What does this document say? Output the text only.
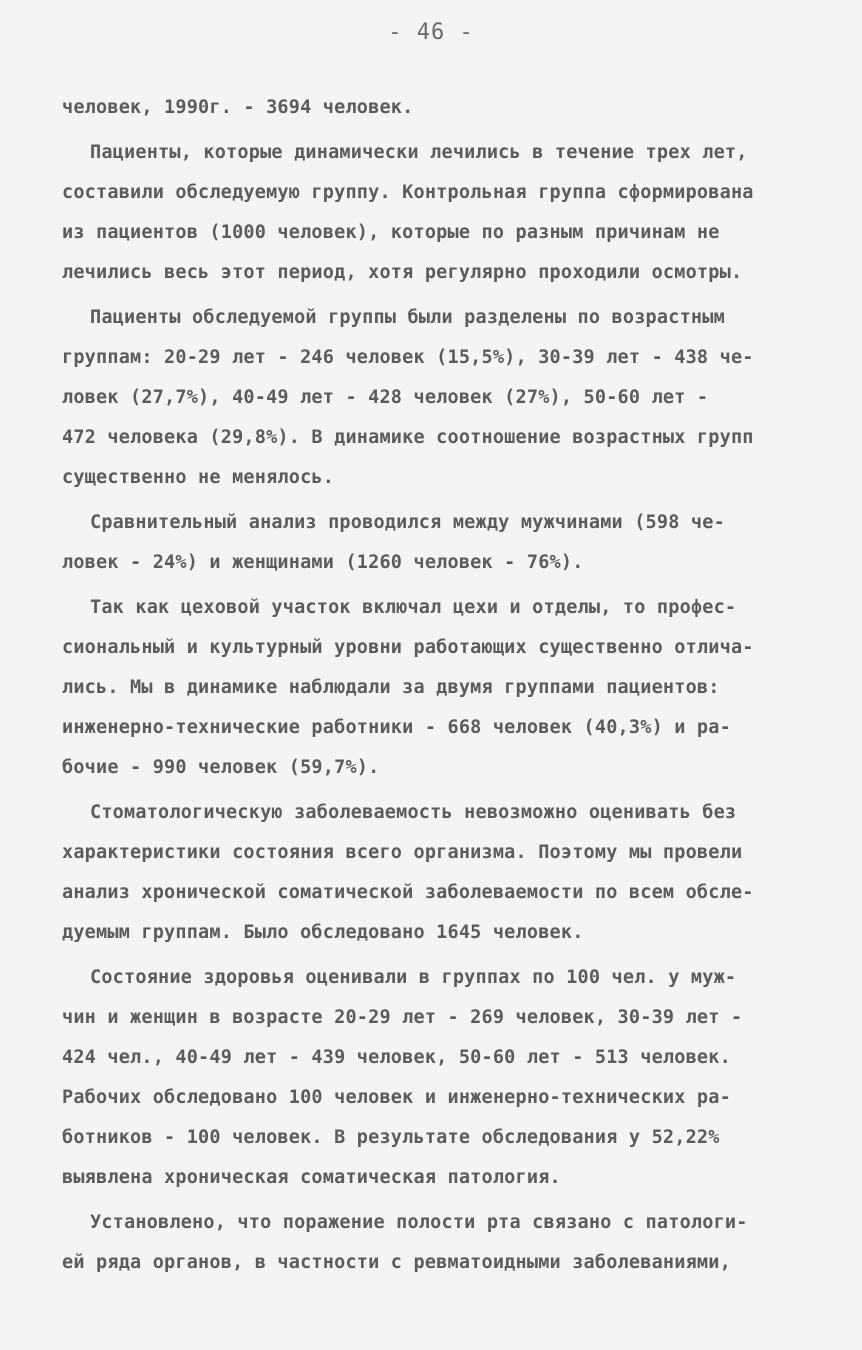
- 46 -
человек, 1990г. - 3694 человек.
Пациенты, которые динамически лечились в течение трех лет,
составили обследуемую группу. Контрольная группа сформирована
из пациентов (1000 человек), которые по разным причинам не
лечились весь этот период, хотя регулярно проходили осмотры.
Пациенты обследуемой группы были разделены по возрастным
группам: 20-29 лет - 246 человек (15,5%), 30-39 лет - 438 че-
ловек (27,7%), 40-49 лет - 428 человек (27%), 50-60 лет -
472 человека (29,8%). В динамике соотношение возрастных групп
существенно не менялось.
Сравнительный анализ проводился между мужчинами (598 че-
ловек - 24%) и женщинами (1260 человек - 76%).
Так как цеховой участок включал цехи и отделы, то профес-
сиональный и культурный уровни работающих существенно отлича-
лись. Мы в динамике наблюдали за двумя группами пациентов:
инженерно-технические работники - 668 человек (40,3%) и ра-
бочие - 990 человек (59,7%).
Стоматологическую заболеваемость невозможно оценивать без
характеристики состояния всего организма. Поэтому мы провели
анализ хронической соматической заболеваемости по всем обсле-
дуемым группам. Было обследовано 1645 человек.
Состояние здоровья оценивали в группах по 100 чел. у муж-
чин и женщин в возрасте 20-29 лет - 269 человек, 30-39 лет -
424 чел., 40-49 лет - 439 человек, 50-60 лет - 513 человек.
Рабочих обследовано 100 человек и инженерно-технических ра-
ботников - 100 человек. В результате обследования у 52,22%
выявлена хроническая соматическая патология.
Установлено, что поражение полости рта связано с патологи-
ей ряда органов, в частности с ревматоидными заболеваниями,
